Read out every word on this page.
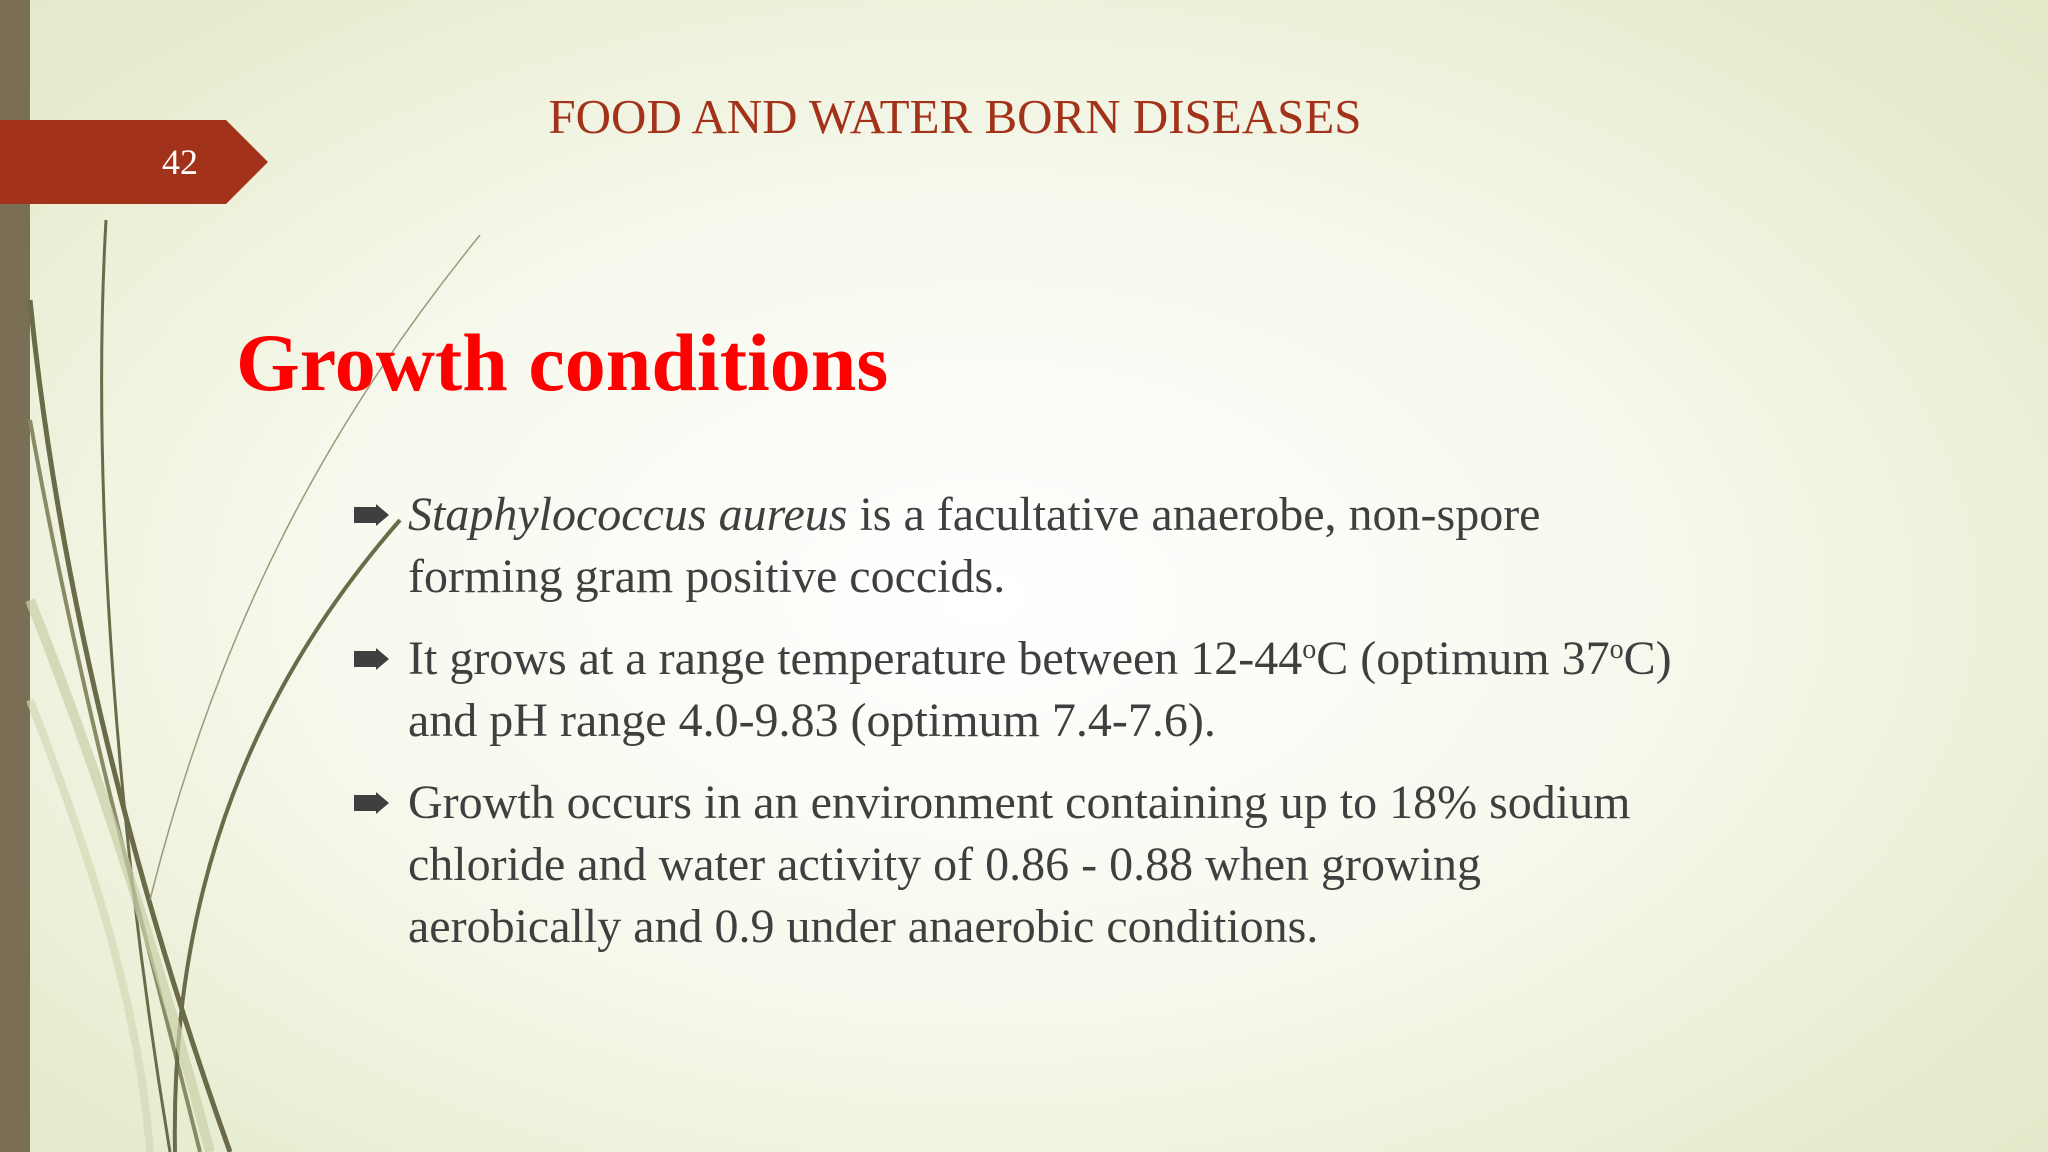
42
FOOD AND WATER BORN DISEASES
Growth conditions
Staphylococcus aureus is a facultative anaerobe, non-spore forming gram positive coccids.
It grows at a range temperature between 12-44$^o$C (optimum 37$^o$C) and pH range 4.0-9.83 (optimum 7.4-7.6).
Growth occurs in an environment containing up to 18% sodium chloride and water activity of 0.86 - 0.88 when growing aerobically and 0.9 under anaerobic conditions.
